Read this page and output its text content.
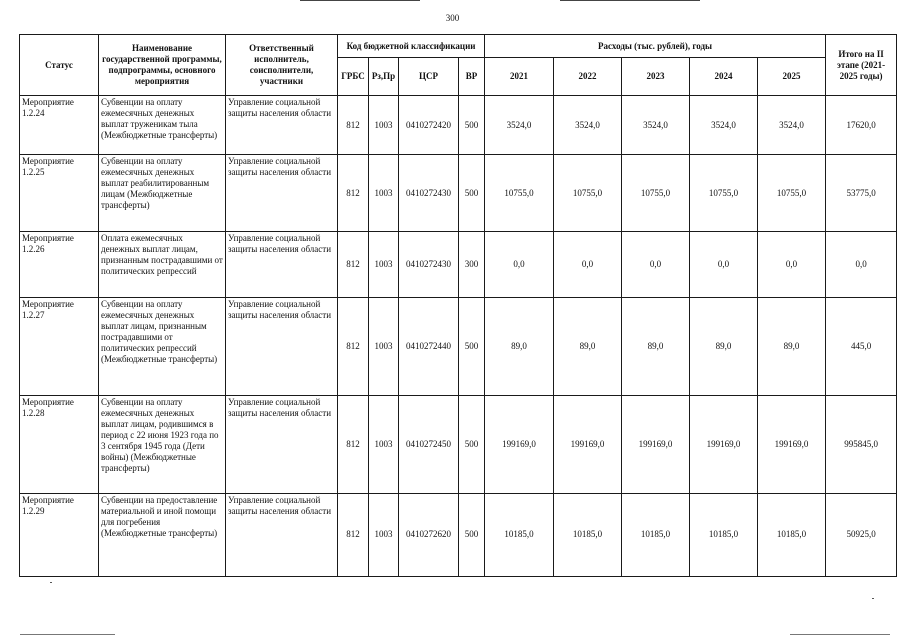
300
Статус	Наименование государственной программы, подпрограммы, основного мероприятия	Ответственный исполнитель, соисполнители, участники	Код бюджетной классификации				Расходы (тыс. рублей), годы					Итого на II этапе (2021-2025 годы)
			ГРБС	Рз,Пр	ЦСР	ВР	2021	2022	2023	2024	2025	
Мероприятие 1.2.24	Субвенции на оплату ежемесячных денежных выплат труженикам тыла (Межбюджетные трансферты)	Управление социальной защиты населения области	812	1003	0410272420	500	3524,0	3524,0	3524,0	3524,0	3524,0	17620,0
Мероприятие 1.2.25	Субвенции на оплату ежемесячных денежных выплат реабилитированным лицам (Межбюджетные трансферты)	Управление социальной защиты населения области	812	1003	0410272430	500	10755,0	10755,0	10755,0	10755,0	10755,0	53775,0
Мероприятие 1.2.26	Оплата ежемесячных денежных выплат лицам, признанным пострадавшими от политических репрессий	Управление социальной защиты населения области	812	1003	0410272430	300	0,0	0,0	0,0	0,0	0,0	0,0
Мероприятие 1.2.27	Субвенции на оплату ежемесячных денежных выплат лицам, признанным пострадавшими от политических репрессий (Межбюджетные трансферты)	Управление социальной защиты населения области	812	1003	0410272440	500	89,0	89,0	89,0	89,0	89,0	445,0
Мероприятие 1.2.28	Субвенции на оплату ежемесячных денежных выплат лицам, родившимся в период с 22 июня 1923 года по 3 сентября 1945 года (Дети войны) (Межбюджетные трансферты)	Управление социальной защиты населения области	812	1003	0410272450	500	199169,0	199169,0	199169,0	199169,0	199169,0	995845,0
Мероприятие 1.2.29	Субвенции на предоставление материальной и иной помощи для погребения (Межбюджетные трансферты)	Управление социальной защиты населения области	812	1003	0410272620	500	10185,0	10185,0	10185,0	10185,0	10185,0	50925,0
